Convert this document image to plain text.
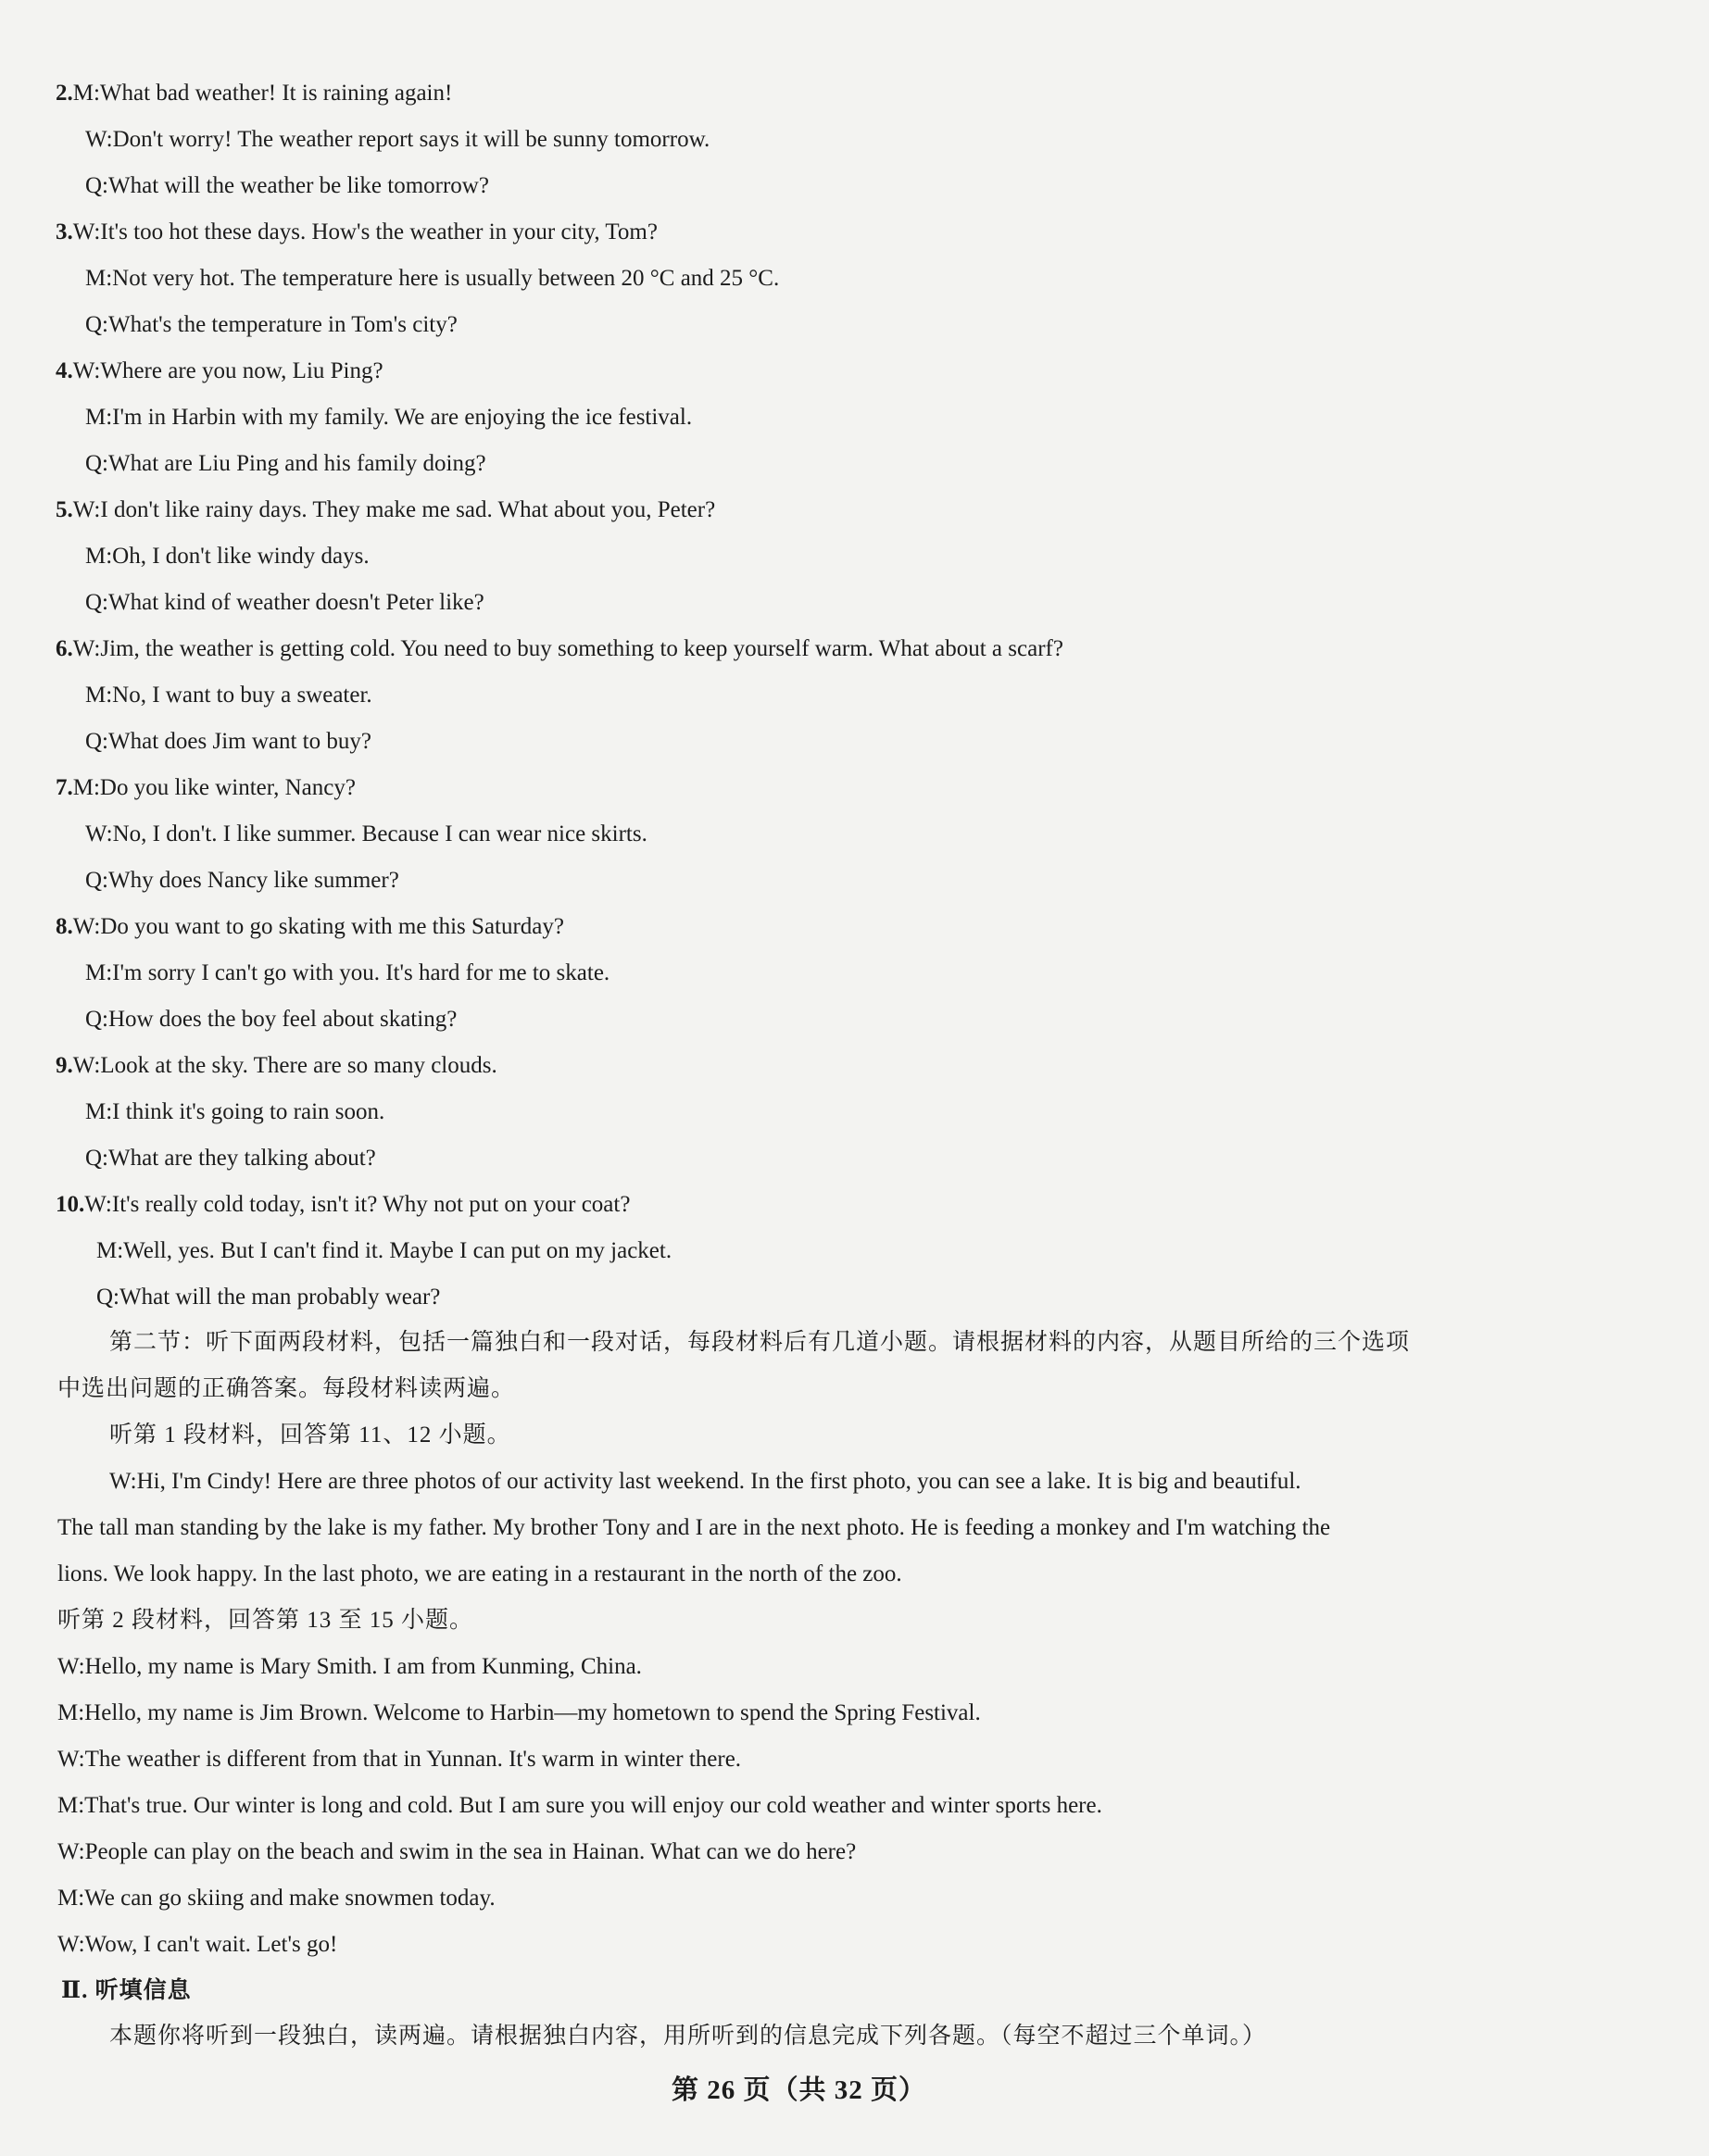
2.M:What bad weather! It is raining again!
W:Don't worry! The weather report says it will be sunny tomorrow.
Q:What will the weather be like tomorrow?
3.W:It's too hot these days. How's the weather in your city, Tom?
M:Not very hot. The temperature here is usually between 20 °C and 25 °C.
Q:What's the temperature in Tom's city?
4.W:Where are you now, Liu Ping?
M:I'm in Harbin with my family. We are enjoying the ice festival.
Q:What are Liu Ping and his family doing?
5.W:I don't like rainy days. They make me sad. What about you, Peter?
M:Oh, I don't like windy days.
Q:What kind of weather doesn't Peter like?
6.W:Jim, the weather is getting cold. You need to buy something to keep yourself warm. What about a scarf?
M:No, I want to buy a sweater.
Q:What does Jim want to buy?
7.M:Do you like winter, Nancy?
W:No, I don't. I like summer. Because I can wear nice skirts.
Q:Why does Nancy like summer?
8.W:Do you want to go skating with me this Saturday?
M:I'm sorry I can't go with you. It's hard for me to skate.
Q:How does the boy feel about skating?
9.W:Look at the sky. There are so many clouds.
M:I think it's going to rain soon.
Q:What are they talking about?
10.W:It's really cold today, isn't it? Why not put on your coat?
M:Well, yes. But I can't find it. Maybe I can put on my jacket.
Q:What will the man probably wear?
第二节：听下面两段材料，包括一篇独白和一段对话，每段材料后有几道小题。请根据材料的内容，从题目所给的三个选项
中选出问题的正确答案。每段材料读两遍。
听第 1 段材料，回答第 11、12 小题。
W:Hi, I'm Cindy! Here are three photos of our activity last weekend. In the first photo, you can see a lake. It is big and beautiful.
The tall man standing by the lake is my father. My brother Tony and I are in the next photo. He is feeding a monkey and I'm watching the
lions. We look happy. In the last photo, we are eating in a restaurant in the north of the zoo.
听第 2 段材料，回答第 13 至 15 小题。
W:Hello, my name is Mary Smith. I am from Kunming, China.
M:Hello, my name is Jim Brown. Welcome to Harbin—my hometown to spend the Spring Festival.
W:The weather is different from that in Yunnan. It's warm in winter there.
M:That's true. Our winter is long and cold. But I am sure you will enjoy our cold weather and winter sports here.
W:People can play on the beach and swim in the sea in Hainan. What can we do here?
M:We can go skiing and make snowmen today.
W:Wow, I can't wait. Let's go!
Ⅱ. 听填信息
本题你将听到一段独白，读两遍。请根据独白内容，用所听到的信息完成下列各题。（每空不超过三个单词。）
第 26 页（共 32 页）
